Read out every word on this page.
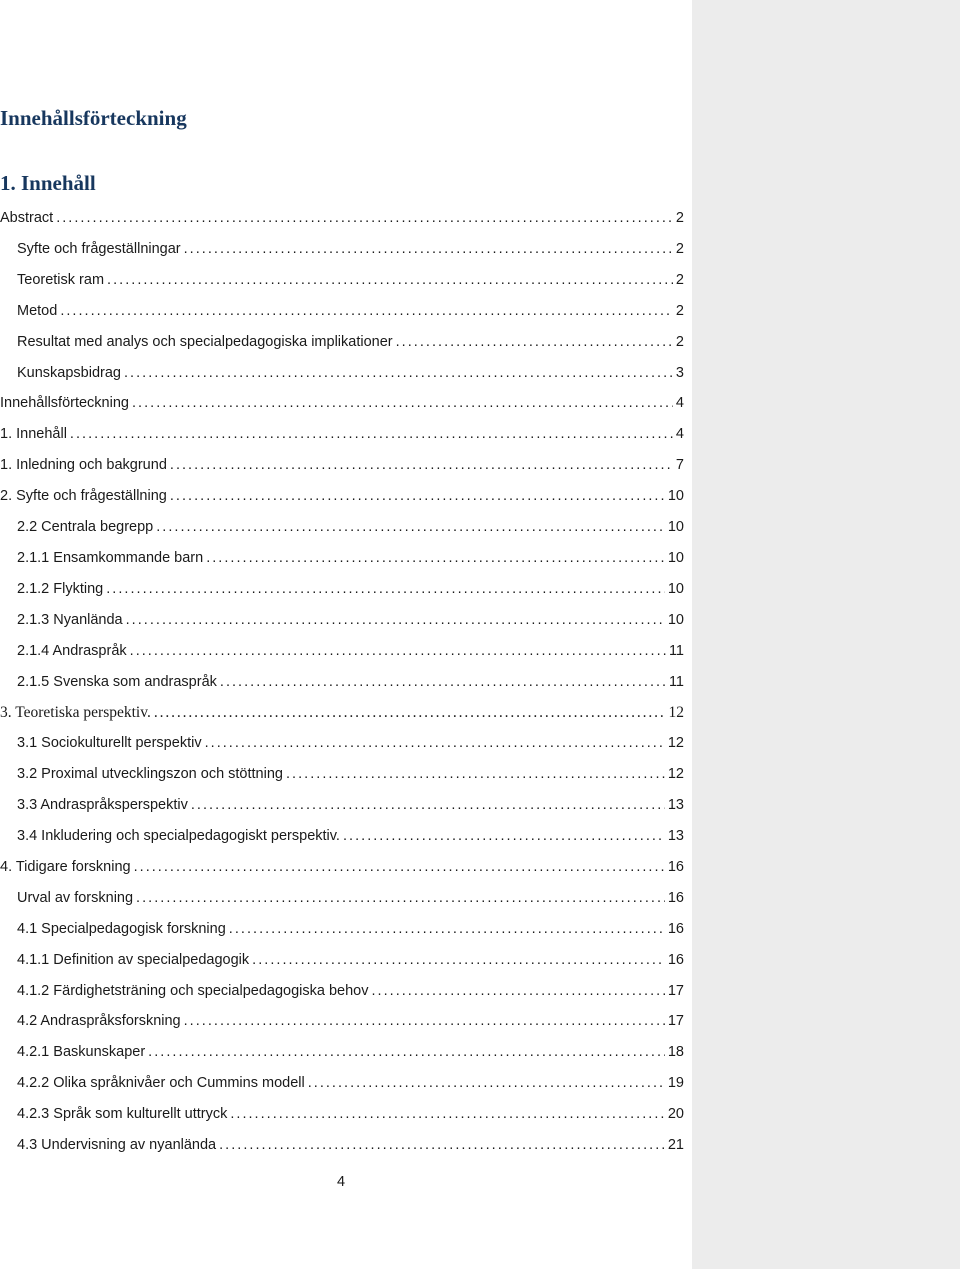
Innehållsförteckning
1. Innehåll
Abstract . . .	2
Syfte och frågeställningar . . .	2
Teoretisk ram . . .	2
Metod . . .	2
Resultat med analys och specialpedagogiska implikationer . . .	2
Kunskapsbidrag . . .	3
Innehållsförteckning . . .	4
1. Innehåll . . .	4
1. Inledning och bakgrund . . .	7
2. Syfte och frågeställning . . .	10
2.2 Centrala begrepp . . .	10
2.1.1 Ensamkommande barn . . .	10
2.1.2 Flykting . . .	10
2.1.3 Nyanlända . . .	10
2.1.4 Andraspråk . . .	11
2.1.5 Svenska som andraspråk . . .	11
3. Teoretiska perspektiv. . . .	12
3.1 Sociokulturellt perspektiv . . .	12
3.2 Proximal utvecklingszon och stöttning . . .	12
3.3 Andraspråksperspektiv . . .	13
3.4 Inkludering och specialpedagogiskt perspektiv. . . .	13
4. Tidigare forskning . . .	16
Urval av forskning . . .	16
4.1 Specialpedagogisk forskning . . .	16
4.1.1 Definition av specialpedagogik . . .	16
4.1.2 Färdighetsträning och specialpedagogiska behov . . .	17
4.2 Andraspråksforskning . . .	17
4.2.1 Baskunskaper . . .	18
4.2.2 Olika språknivåer och Cummins modell . . .	19
4.2.3 Språk som kulturellt uttryck . . .	20
4.3 Undervisning av nyanlända . . .	21
4
